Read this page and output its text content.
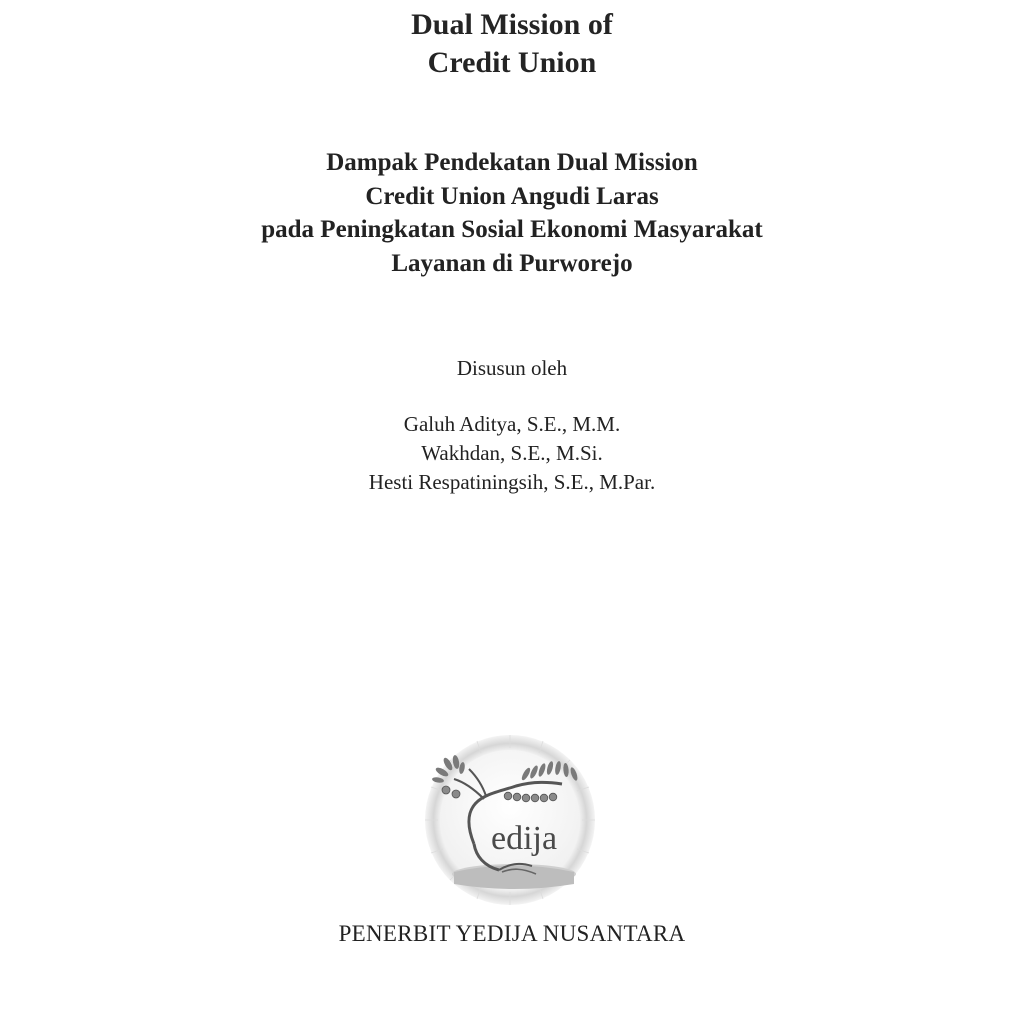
Dual Mission of
Credit Union
Dampak Pendekatan Dual Mission
Credit Union Angudi Laras
pada Peningkatan Sosial Ekonomi Masyarakat
Layanan di Purworejo
Disusun oleh
Galuh Aditya, S.E., M.M.
Wakhdan, S.E., M.Si.
Hesti Respatiningsih, S.E., M.Par.
edija
PENERBIT YEDIJA NUSANTARA
